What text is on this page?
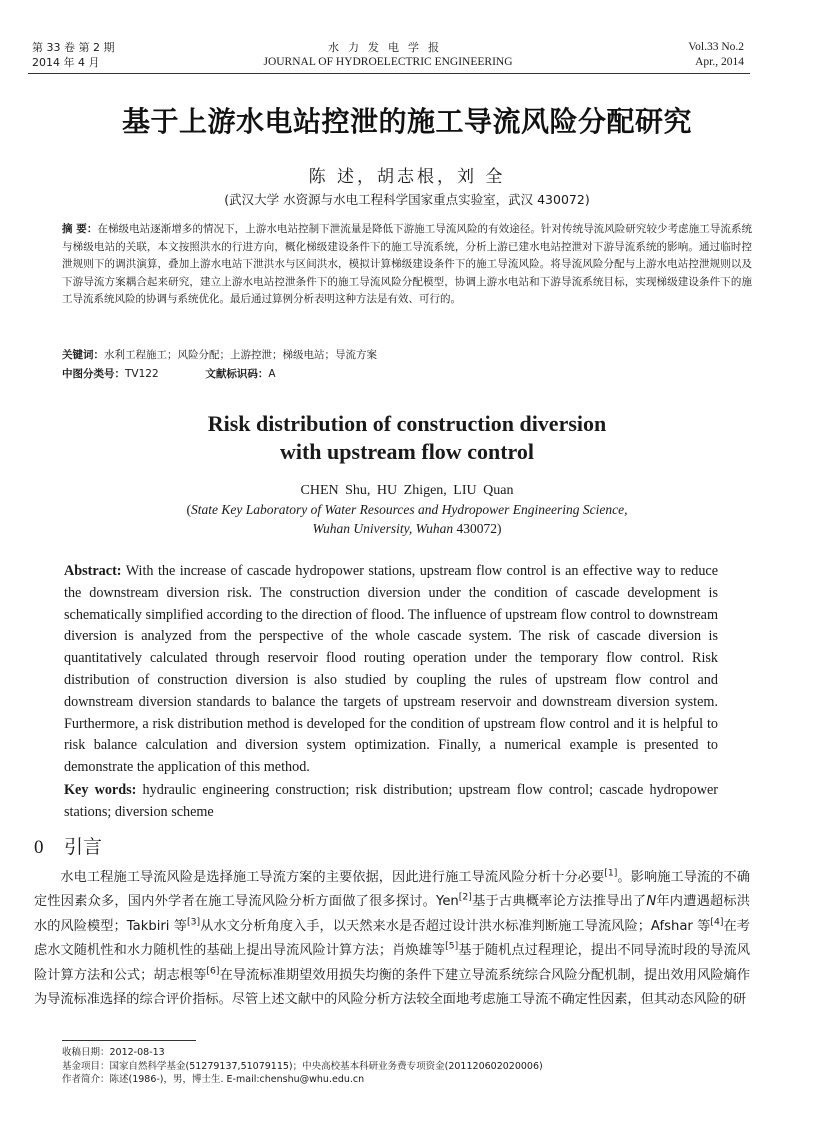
第 33 卷 第 2 期
2014 年 4 月
水力发电学报
JOURNAL OF HYDROELECTRIC ENGINEERING
Vol.33 No.2
Apr., 2014
基于上游水电站控泄的施工导流风险分配研究
陈 述，胡志根，刘 全
(武汉大学 水资源与水电工程科学国家重点实验室，武汉 430072)
摘 要：在梯级电站逐渐增多的情况下，上游水电站控制下泄流量是降低下游施工导流风险的有效途径。针对传统导流风险研究较少考虑施工导流系统与梯级电站的关联，本文按照洪水的行进方向，概化梯级建设条件下的施工导流系统，分析上游已建水电站控泄对下游导流系统的影响。通过临时控泄规则下的调洪演算，叠加上游水电站下泄洪水与区间洪水，模拟计算梯级建设条件下的施工导流风险。将导流风险分配与上游水电站控泄规则以及下游导流方案耦合起来研究，建立上游水电站控泄条件下的施工导流风险分配模型，协调上游水电站和下游导流系统目标，实现梯级建设条件下的施工导流系统风险的协调与系统优化。最后通过算例分析表明这种方法是有效、可行的。
关键词：水利工程施工；风险分配；上游控泄；梯级电站；导流方案
中图分类号：TV122	文献标识码：A
Risk distribution of construction diversion
with upstream flow control
CHEN Shu, HU Zhigen, LIU Quan
(State Key Laboratory of Water Resources and Hydropower Engineering Science,
Wuhan University, Wuhan 430072)
Abstract: With the increase of cascade hydropower stations, upstream flow control is an effective way to reduce the downstream diversion risk. The construction diversion under the condition of cascade development is schematically simplified according to the direction of flood. The influence of upstream flow control to downstream diversion is analyzed from the perspective of the whole cascade system. The risk of cascade diversion is quantitatively calculated through reservoir flood routing operation under the temporary flow control. Risk distribution of construction diversion is also studied by coupling the rules of upstream flow control and downstream diversion standards to balance the targets of upstream reservoir and downstream diversion system. Furthermore, a risk distribution method is developed for the condition of upstream flow control and it is helpful to risk balance calculation and diversion system optimization. Finally, a numerical example is presented to demonstrate the application of this method.
Key words: hydraulic engineering construction; risk distribution; upstream flow control; cascade hydropower stations; diversion scheme
0 引言
水电工程施工导流风险是选择施工导流方案的主要依据，因此进行施工导流风险分析十分必要[1]。影响施工导流的不确定性因素众多，国内外学者在施工导流风险分析方面做了很多探讨。Yen[2]基于古典概率论方法推导出了N年内遭遇超标洪水的风险模型；Takbiri 等[3]从水文分析角度入手，以天然来水是否超过设计洪水标准判断施工导流风险；Afshar 等[4]在考虑水文随机性和水力随机性的基础上提出导流风险计算方法；肖焕雄等[5]基于随机点过程理论，提出不同导流时段的导流风险计算方法和公式；胡志根等[6]在导流标准期望效用损失均衡的条件下建立导流系统综合风险分配机制，提出效用风险熵作为导流标准选择的综合评价指标。尽管上述文献中的风险分析方法较全面地考虑施工导流不确定性因素，但其动态风险的研
收稿日期：2012-08-13
基金项目：国家自然科学基金(51279137,51079115)；中央高校基本科研业务费专项资金(201120602020006)
作者简介：陈述(1986-)，男，博士生. E-mail:chenshu@whu.edu.cn
